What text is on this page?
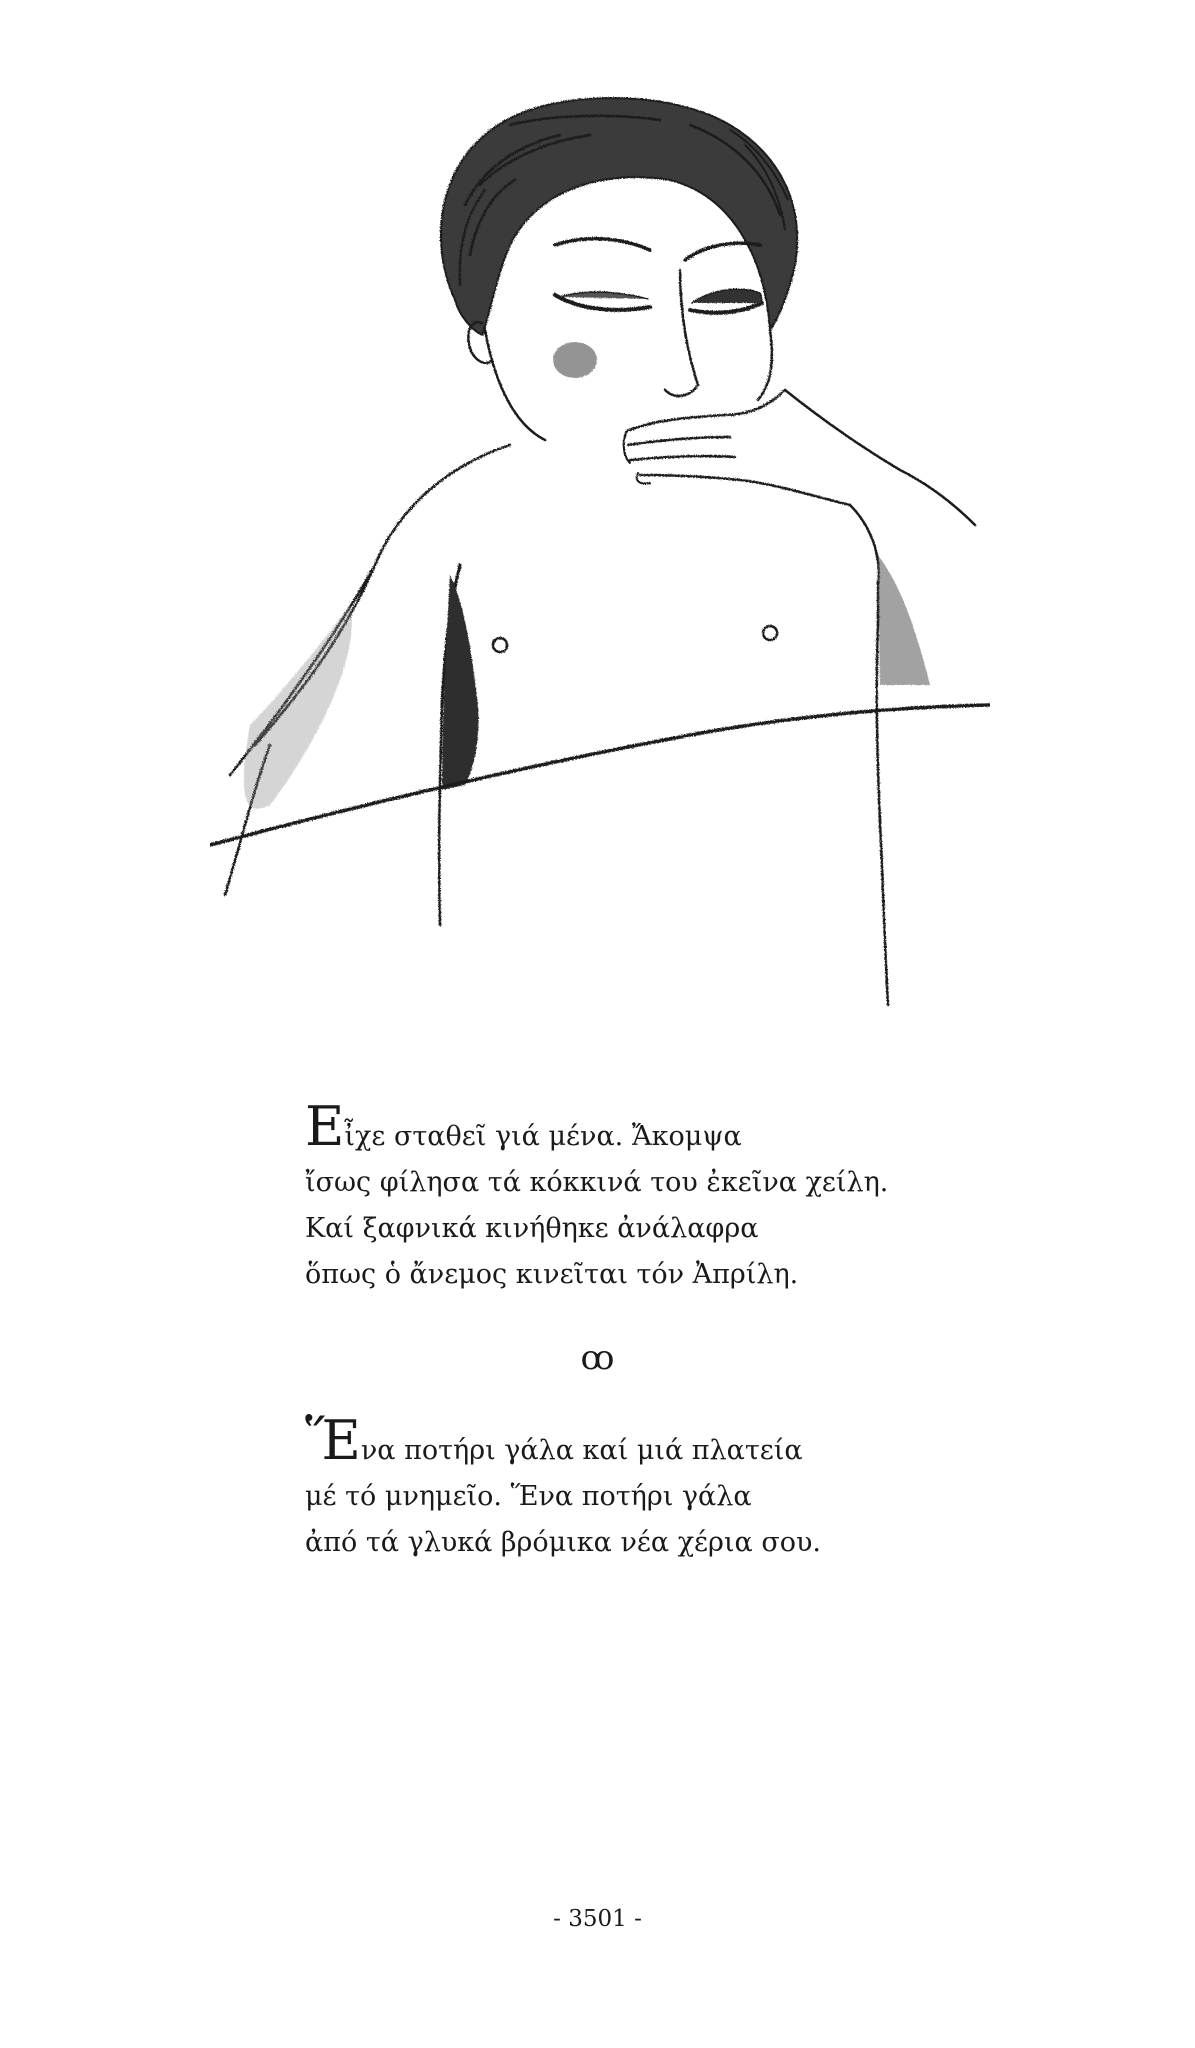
Εἶχε σταθεῖ γιά μένα. Ἄκομψα
ἴσως φίλησα τά κόκκινά του ἐκεῖνα χείλη.
Καί ξαφνικά κινήθηκε ἀνάλαφρα
ὅπως ὁ ἄνεμος κινεῖται τόν Ἀπρίλη.
ꝏ
Ἕνα ποτήρι γάλα καί μιά πλατεία
μέ τό μνημεῖο. Ἕνα ποτήρι γάλα
ἀπό τά γλυκά βρόμικα νέα χέρια σου.
- 3501 -
